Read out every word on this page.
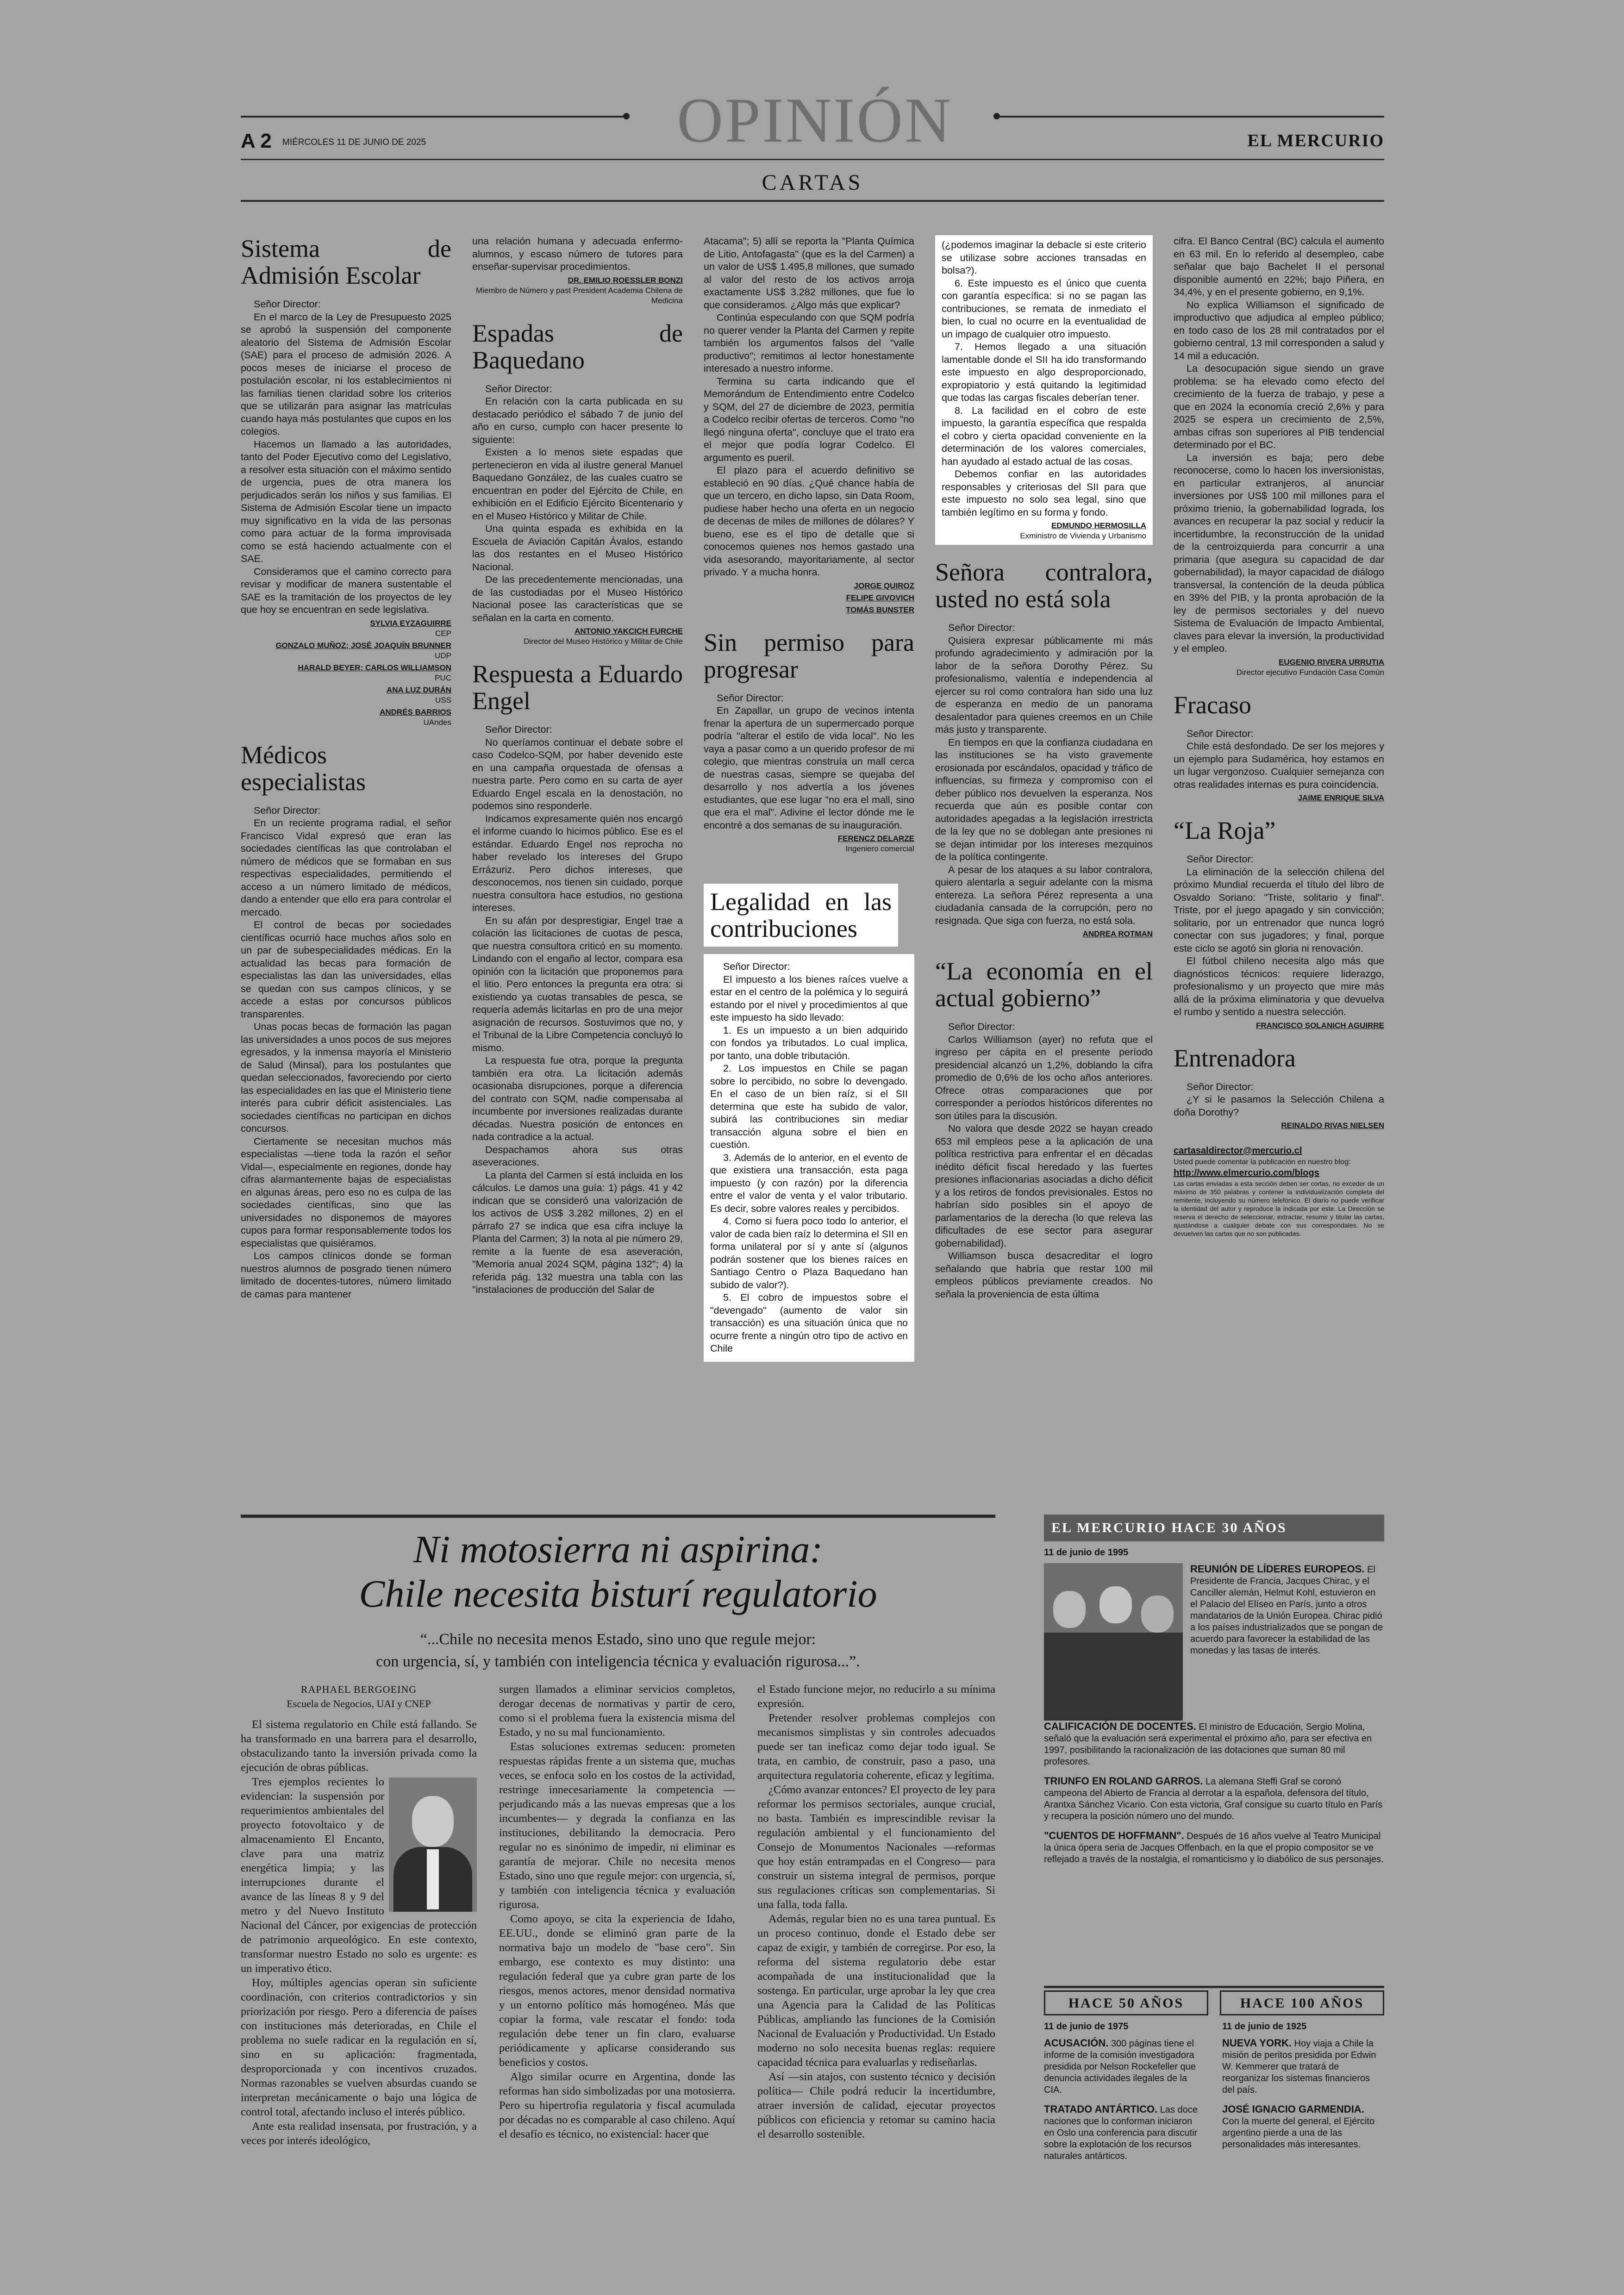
OPINIÓN
A 2 MIÉRCOLES 11 DE JUNIO DE 2025	EL MERCURIO
CARTAS
Sistema de Admisión Escolar

Señor Director:

En el marco de la Ley de Presupuesto 2025 se aprobó la suspensión del componente aleatorio del Sistema de Admisión Escolar (SAE) para el proceso de admisión 2026. A pocos meses de iniciarse el proceso de postulación escolar, ni los establecimientos ni las familias tienen claridad sobre los criterios que se utilizarán para asignar las matrículas cuando haya más postulantes que cupos en los colegios.

Hacemos un llamado a las autoridades, tanto del Poder Ejecutivo como del Legislativo, a resolver esta situación con el máximo sentido de urgencia, pues de otra manera los perjudicados serán los niños y sus familias. El Sistema de Admisión Escolar tiene un impacto muy significativo en la vida de las personas como para actuar de la forma improvisada como se está haciendo actualmente con el SAE.

Consideramos que el camino correcto para revisar y modificar de manera sustentable el SAE es la tramitación de los proyectos de ley que hoy se encuentran en sede legislativa.

SYLVIA EYZAGUIRRE
CEP
GONZALO MUÑOZ; JOSÉ JOAQUÍN BRUNNER
UDP
HARALD BEYER; CARLOS WILLIAMSON
PUC
ANA LUZ DURÁN
USS
ANDRÉS BARRIOS
UAndes
Médicos especialistas

Señor Director:

En un reciente programa radial, el señor Francisco Vidal expresó que eran las sociedades científicas las que controlaban el número de médicos que se formaban en sus respectivas especialidades, permitiendo el acceso a un número limitado de médicos, dando a entender que ello era para controlar el mercado.

El control de becas por sociedades científicas ocurrió hace muchos años solo en un par de subespecialidades médicas. En la actualidad las becas para formación de especialistas las dan las universidades, ellas se quedan con sus campos clínicos, y se accede a estas por concursos públicos transparentes.

Unas pocas becas de formación las pagan las universidades a unos pocos de sus mejores egresados, y la inmensa mayoría el Ministerio de Salud (Minsal), para los postulantes que quedan seleccionados, favoreciendo por cierto las especialidades en las que el Ministerio tiene interés para cubrir déficit asistenciales. Las sociedades científicas no participan en dichos concursos.

Ciertamente se necesitan muchos más especialistas —tiene toda la razón el señor Vidal—, especialmente en regiones, donde hay cifras alarmantemente bajas de especialistas en algunas áreas, pero eso no es culpa de las sociedades científicas, sino que las universidades no disponemos de mayores cupos para formar responsablemente todos los especialistas que quisiéramos.

Los campos clínicos donde se forman nuestros alumnos de posgrado tienen número limitado de docentes-tutores, número limitado de camas para mantener

una relación humana y adecuada enfermo-alumnos, y escaso número de tutores para enseñar-supervisar procedimientos.

DR. EMILIO ROESSLER BONZI
Miembro de Número y past President Academia Chilena de Medicina
Espadas de Baquedano

Señor Director:

En relación con la carta publicada en su destacado periódico el sábado 7 de junio del año en curso, cumplo con hacer presente lo siguiente:

Existen a lo menos siete espadas que pertenecieron en vida al ilustre general Manuel Baquedano González, de las cuales cuatro se encuentran en poder del Ejército de Chile, en exhibición en el Edificio Ejército Bicentenario y en el Museo Histórico y Militar de Chile.

Una quinta espada es exhibida en la Escuela de Aviación Capitán Ávalos, estando las dos restantes en el Museo Histórico Nacional.

De las precedentemente mencionadas, una de las custodiadas por el Museo Histórico Nacional posee las características que se señalan en la carta en comento.

ANTONIO YAKCICH FURCHE
Director del Museo Histórico y Militar de Chile
Respuesta a Eduardo Engel

Señor Director:

No queríamos continuar el debate sobre el caso Codelco-SQM, por haber devenido este en una campaña orquestada de ofensas a nuestra parte. Pero como en su carta de ayer Eduardo Engel escala en la denostación, no podemos sino responderle.

Indicamos expresamente quién nos encargó el informe cuando lo hicimos público. Ese es el estándar. Eduardo Engel nos reprocha no haber revelado los intereses del Grupo Errázuriz. Pero dichos intereses, que desconocemos, nos tienen sin cuidado, porque nuestra consultora hace estudios, no gestiona intereses.

En su afán por desprestigiar, Engel trae a colación las licitaciones de cuotas de pesca, que nuestra consultora criticó en su momento. Lindando con el engaño al lector, compara esa opinión con la licitación que proponemos para el litio. Pero entonces la pregunta era otra: si existiendo ya cuotas transables de pesca, se requería además licitarlas en pro de una mejor asignación de recursos. Sostuvimos que no, y el Tribunal de la Libre Competencia concluyó lo mismo.

La respuesta fue otra, porque la pregunta también era otra. La licitación además ocasionaba disrupciones, porque a diferencia del contrato con SQM, nadie compensaba al incumbente por inversiones realizadas durante décadas. Nuestra posición de entonces en nada contradice a la actual.

Despachamos ahora sus otras aseveraciones.

La planta del Carmen sí está incluida en los cálculos. Le damos una guía: 1) págs. 41 y 42 indican que se consideró una valorización de los activos de US$ 3.282 millones, 2) en el párrafo 27 se indica que esa cifra incluye la Planta del Carmen; 3) la nota al pie número 29, remite a la fuente de esa aseveración, "Memoria anual 2024 SQM, página 132"; 4) la referida pág. 132 muestra una tabla con las "instalaciones de producción del Salar de

Atacama"; 5) allí se reporta la "Planta Química de Litio, Antofagasta" (que es la del Carmen) a un valor de US$ 1.495,8 millones, que sumado al valor del resto de los activos arroja exactamente US$ 3.282 millones, que fue lo que consideramos. ¿Algo más que explicar?

Continúa especulando con que SQM podría no querer vender la Planta del Carmen y repite también los argumentos falsos del "valle productivo"; remitimos al lector honestamente interesado a nuestro informe.

Termina su carta indicando que el Memorándum de Entendimiento entre Codelco y SQM, del 27 de diciembre de 2023, permitía a Codelco recibir ofertas de terceros. Como "no llegó ninguna oferta", concluye que el trato era el mejor que podía lograr Codelco. El argumento es pueril.

El plazo para el acuerdo definitivo se estableció en 90 días. ¿Qué chance había de que un tercero, en dicho lapso, sin Data Room, pudiese haber hecho una oferta en un negocio de decenas de miles de millones de dólares? Y bueno, ese es el tipo de detalle que si conocemos quienes nos hemos gastado una vida asesorando, mayoritariamente, al sector privado. Y a mucha honra.

JORGE QUIROZ
FELIPE GIVOVICH
TOMÁS BUNSTER
Sin permiso para progresar

Señor Director:

En Zapallar, un grupo de vecinos intenta frenar la apertura de un supermercado porque podría "alterar el estilo de vida local". No les vaya a pasar como a un querido profesor de mi colegio, que mientras construía un mall cerca de nuestras casas, siempre se quejaba del desarrollo y nos advertía a los jóvenes estudiantes, que ese lugar "no era el mall, sino que era el mal". Adivine el lector dónde me le encontré a dos semanas de su inauguración.

FERENCZ DELARZE
Ingeniero comercial
Legalidad en las contribuciones

Señor Director:

El impuesto a los bienes raíces vuelve a estar en el centro de la polémica y lo seguirá estando por el nivel y procedimientos al que este impuesto ha sido llevado:

1. Es un impuesto a un bien adquirido con fondos ya tributados. Lo cual implica, por tanto, una doble tributación.

2. Los impuestos en Chile se pagan sobre lo percibido, no sobre lo devengado. En el caso de un bien raíz, si el SII determina que este ha subido de valor, subirá las contribuciones sin mediar transacción alguna sobre el bien en cuestión.

3. Además de lo anterior, en el evento de que existiera una transacción, esta paga impuesto (y con razón) por la diferencia entre el valor de venta y el valor tributario. Es decir, sobre valores reales y percibidos.

4. Como si fuera poco todo lo anterior, el valor de cada bien raíz lo determina el SII en forma unilateral por sí y ante sí (algunos podrán sostener que los bienes raíces en Santiago Centro o Plaza Baquedano han subido de valor?).

5. El cobro de impuestos sobre el "devengado" (aumento de valor sin transacción) es una situación única que no ocurre frente a ningún otro tipo de activo en Chile

(¿podemos imaginar la debacle si este criterio se utilizase sobre acciones transadas en bolsa?).

6. Este impuesto es el único que cuenta con garantía específica: si no se pagan las contribuciones, se remata de inmediato el bien, lo cual no ocurre en la eventualidad de un impago de cualquier otro impuesto.

7. Hemos llegado a una situación lamentable donde el SII ha ido transformando este impuesto en algo desproporcionado, expropiatorio y está quitando la legitimidad que todas las cargas fiscales deberían tener.

8. La facilidad en el cobro de este impuesto, la garantía específica que respalda el cobro y cierta opacidad conveniente en la determinación de los valores comerciales, han ayudado al estado actual de las cosas.

Debemos confiar en las autoridades responsables y criteriosas del SII para que este impuesto no solo sea legal, sino que también legítimo en su forma y fondo.

EDMUNDO HERMOSILLA
Exministro de Vivienda y Urbanismo
Señora contralora, usted no está sola

Señor Director:

Quisiera expresar públicamente mi más profundo agradecimiento y admiración por la labor de la señora Dorothy Pérez. Su profesionalismo, valentía e independencia al ejercer su rol como contralora han sido una luz de esperanza en medio de un panorama desalentador para quienes creemos en un Chile más justo y transparente.

En tiempos en que la confianza ciudadana en las instituciones se ha visto gravemente erosionada por escándalos, opacidad y tráfico de influencias, su firmeza y compromiso con el deber público nos devuelven la esperanza. Nos recuerda que aún es posible contar con autoridades apegadas a la legislación irrestricta de la ley que no se doblegan ante presiones ni se dejan intimidar por los intereses mezquinos de la política contingente.

A pesar de los ataques a su labor contralora, quiero alentarla a seguir adelante con la misma entereza. La señora Pérez representa a una ciudadanía cansada de la corrupción, pero no resignada. Que siga con fuerza, no está sola.

ANDREA ROTMAN
“La economía en el actual gobierno”

Señor Director:

Carlos Williamson (ayer) no refuta que el ingreso per cápita en el presente período presidencial alcanzó un 1,2%, doblando la cifra promedio de 0,6% de los ocho años anteriores. Ofrece otras comparaciones que por corresponder a períodos históricos diferentes no son útiles para la discusión.

No valora que desde 2022 se hayan creado 653 mil empleos pese a la aplicación de una política restrictiva para enfrentar el en décadas inédito déficit fiscal heredado y las fuertes presiones inflacionarias asociadas a dicho déficit y a los retiros de fondos previsionales. Estos no habrían sido posibles sin el apoyo de parlamentarios de la derecha (lo que releva las dificultades de ese sector para asegurar gobernabilidad).

Williamson busca desacreditar el logro señalando que habría que restar 100 mil empleos públicos previamente creados. No señala la proveniencia de esta última

cifra. El Banco Central (BC) calcula el aumento en 63 mil. En lo referido al desempleo, cabe señalar que bajo Bachelet II el personal disponible aumentó en 22%; bajo Piñera, en 34,4%, y en el presente gobierno, en 9,1%.

No explica Williamson el significado de improductivo que adjudica al empleo público; en todo caso de los 28 mil contratados por el gobierno central, 13 mil corresponden a salud y 14 mil a educación.

La desocupación sigue siendo un grave problema: se ha elevado como efecto del crecimiento de la fuerza de trabajo, y pese a que en 2024 la economía creció 2,6% y para 2025 se espera un crecimiento de 2,5%, ambas cifras son superiores al PIB tendencial determinado por el BC.

La inversión es baja; pero debe reconocerse, como lo hacen los inversionistas, en particular extranjeros, al anunciar inversiones por US$ 100 mil millones para el próximo trienio, la gobernabilidad lograda, los avances en recuperar la paz social y reducir la incertidumbre, la reconstrucción de la unidad de la centroizquierda para concurrir a una primaria (que asegura su capacidad de dar gobernabilidad), la mayor capacidad de diálogo transversal, la contención de la deuda pública en 39% del PIB, y la pronta aprobación de la ley de permisos sectoriales y del nuevo Sistema de Evaluación de Impacto Ambiental, claves para elevar la inversión, la productividad y el empleo.

EUGENIO RIVERA URRUTIA
Director ejecutivo Fundación Casa Común
Fracaso

Señor Director:

Chile está desfondado. De ser los mejores y un ejemplo para Sudamérica, hoy estamos en un lugar vergonzoso. Cualquier semejanza con otras realidades internas es pura coincidencia.

JAIME ENRIQUE SILVA
“La Roja”

Señor Director:

La eliminación de la selección chilena del próximo Mundial recuerda el título del libro de Osvaldo Soriano: "Triste, solitario y final". Triste, por el juego apagado y sin convicción; solitario, por un entrenador que nunca logró conectar con sus jugadores; y final, porque este ciclo se agotó sin gloria ni renovación.

El fútbol chileno necesita algo más que diagnósticos técnicos: requiere liderazgo, profesionalismo y un proyecto que mire más allá de la próxima eliminatoria y que devuelva el rumbo y sentido a nuestra selección.

FRANCISCO SOLANICH AGUIRRE
Entrenadora

Señor Director:

¿Y si le pasamos la Selección Chilena a doña Dorothy?

REINALDO RIVAS NIELSEN
cartasaldirector@mercurio.cl
Usted puede comentar la publicación en nuestro blog:
http://www.elmercurio.com/blogs
Las cartas enviadas a esta sección deben ser cortas, no exceder de un máximo de 350 palabras y contener la individualización completa del remitente, incluyendo su número telefónico. El diario no puede verificar la identidad del autor y reproduce la indicada por este. La Dirección se reserva el derecho de seleccionar, extractar, resumir y titular las cartas, ajustándose a cualquier debate con sus correspondales. No se devuelven las cartas que no son publicadas.
Ni motosierra ni aspirina:
Chile necesita bisturí regulatorio
“...Chile no necesita menos Estado, sino uno que regule mejor:
con urgencia, sí, y también con inteligencia técnica y evaluación rigurosa...”.
RAPHAEL BERGOEING
Escuela de Negocios, UAI y CNEP

El sistema regulatorio en Chile está fallando. Se ha transformado en una barrera para el desarrollo, obstaculizando tanto la inversión privada como la ejecución de obras públicas.

Tres ejemplos recientes lo evidencian: la suspensión por requerimientos ambientales del proyecto fotovoltaico y de almacenamiento El Encanto, clave para una matriz energética limpia; y las interrupciones durante el avance de las líneas 8 y 9 del metro y del Nuevo Instituto Nacional del Cáncer, por exigencias de protección de patrimonio arqueológico. En este contexto, transformar nuestro Estado no solo es urgente: es un imperativo ético.

Hoy, múltiples agencias operan sin suficiente coordinación, con criterios contradictorios y sin priorización por riesgo. Pero a diferencia de países con instituciones más deterioradas, en Chile el problema no suele radicar en la regulación en sí, sino en su aplicación: fragmentada, desproporcionada y con incentivos cruzados. Normas razonables se vuelven absurdas cuando se interpretan mecánicamente o bajo una lógica de control total, afectando incluso el interés público.

Ante esta realidad insensata, por frustración, y a veces por interés ideológico,

surgen llamados a eliminar servicios completos, derogar decenas de normativas y partir de cero, como si el problema fuera la existencia misma del Estado, y no su mal funcionamiento.

Estas soluciones extremas seducen: prometen respuestas rápidas frente a un sistema que, muchas veces, se enfoca solo en los costos de la actividad, restringe innecesariamente la competencia —perjudicando más a las nuevas empresas que a los incumbentes— y degrada la confianza en las instituciones, debilitando la democracia. Pero regular no es sinónimo de impedir, ni eliminar es garantía de mejorar. Chile no necesita menos Estado, sino uno que regule mejor: con urgencia, sí, y también con inteligencia técnica y evaluación rigurosa.

Como apoyo, se cita la experiencia de Idaho, EE.UU., donde se eliminó gran parte de la normativa bajo un modelo de "base cero". Sin embargo, ese contexto es muy distinto: una regulación federal que ya cubre gran parte de los riesgos, menos actores, menor densidad normativa y un entorno político más homogéneo. Más que copiar la forma, vale rescatar el fondo: toda regulación debe tener un fin claro, evaluarse periódicamente y aplicarse considerando sus beneficios y costos.

Algo similar ocurre en Argentina, donde las reformas han sido simbolizadas por una motosierra. Pero su hipertrofia regulatoria y fiscal acumulada por décadas no es comparable al caso chileno. Aquí el desafío es técnico, no existencial: hacer que

el Estado funcione mejor, no reducirlo a su mínima expresión.

Pretender resolver problemas complejos con mecanismos simplistas y sin controles adecuados puede ser tan ineficaz como dejar todo igual. Se trata, en cambio, de construir, paso a paso, una arquitectura regulatoria coherente, eficaz y legítima.

¿Cómo avanzar entonces? El proyecto de ley para reformar los permisos sectoriales, aunque crucial, no basta. También es imprescindible revisar la regulación ambiental y el funcionamiento del Consejo de Monumentos Nacionales —reformas que hoy están entrampadas en el Congreso— para construir un sistema integral de permisos, porque sus regulaciones críticas son complementarias. Si una falla, toda falla.

Además, regular bien no es una tarea puntual. Es un proceso continuo, donde el Estado debe ser capaz de exigir, y también de corregirse. Por eso, la reforma del sistema regulatorio debe estar acompañada de una institucionalidad que la sostenga. En particular, urge aprobar la ley que crea una Agencia para la Calidad de las Políticas Públicas, ampliando las funciones de la Comisión Nacional de Evaluación y Productividad. Un Estado moderno no solo necesita buenas reglas: requiere capacidad técnica para evaluarlas y rediseñarlas.

Así —sin atajos, con sustento técnico y decisión política— Chile podrá reducir la incertidumbre, atraer inversión de calidad, ejecutar proyectos públicos con eficiencia y retomar su camino hacia el desarrollo sostenible.

EL MERCURIO HACE 30 AÑOS
11 de junio de 1995
REUNIÓN DE LÍDERES EUROPEOS. El Presidente de Francia, Jacques Chirac, y el Canciller alemán, Helmut Kohl, estuvieron en el Palacio del Elíseo en París, junto a otros mandatarios de la Unión Europea. Chirac pidió a los países industrializados que se pongan de acuerdo para favorecer la estabilidad de las monedas y las tasas de interés.
CALIFICACIÓN DE DOCENTES. El ministro de Educación, Sergio Molina, señaló que la evaluación será experimental el próximo año, para ser efectiva en 1997, posibilitando la racionalización de las dotaciones que suman 80 mil profesores.
TRIUNFO EN ROLAND GARROS. La alemana Steffi Graf se coronó campeona del Abierto de Francia al derrotar a la española, defensora del título, Arantxa Sánchez Vicario. Con esta victoria, Graf consigue su cuarto título en París y recupera la posición número uno del mundo.
"CUENTOS DE HOFFMANN". Después de 16 años vuelve al Teatro Municipal la única ópera seria de Jacques Offenbach, en la que el propio compositor se ve reflejado a través de la nostalgia, el romanticismo y lo diabólico de sus personajes.
HACE 50 AÑOS
11 de junio de 1975
ACUSACIÓN. 300 páginas tiene el informe de la comisión investigadora presidida por Nelson Rockefeller que denuncia actividades ilegales de la CIA.
TRATADO ANTÁRTICO. Las doce naciones que lo conforman iniciaron en Oslo una conferencia para discutir sobre la explotación de los recursos naturales antárticos.
HACE 100 AÑOS
11 de junio de 1925
NUEVA YORK. Hoy viaja a Chile la misión de peritos presidida por Edwin W. Kemmerer que tratará de reorganizar los sistemas financieros del país.
JOSÉ IGNACIO GARMENDIA. Con la muerte del general, el Ejército argentino pierde a una de las personalidades más interesantes.
